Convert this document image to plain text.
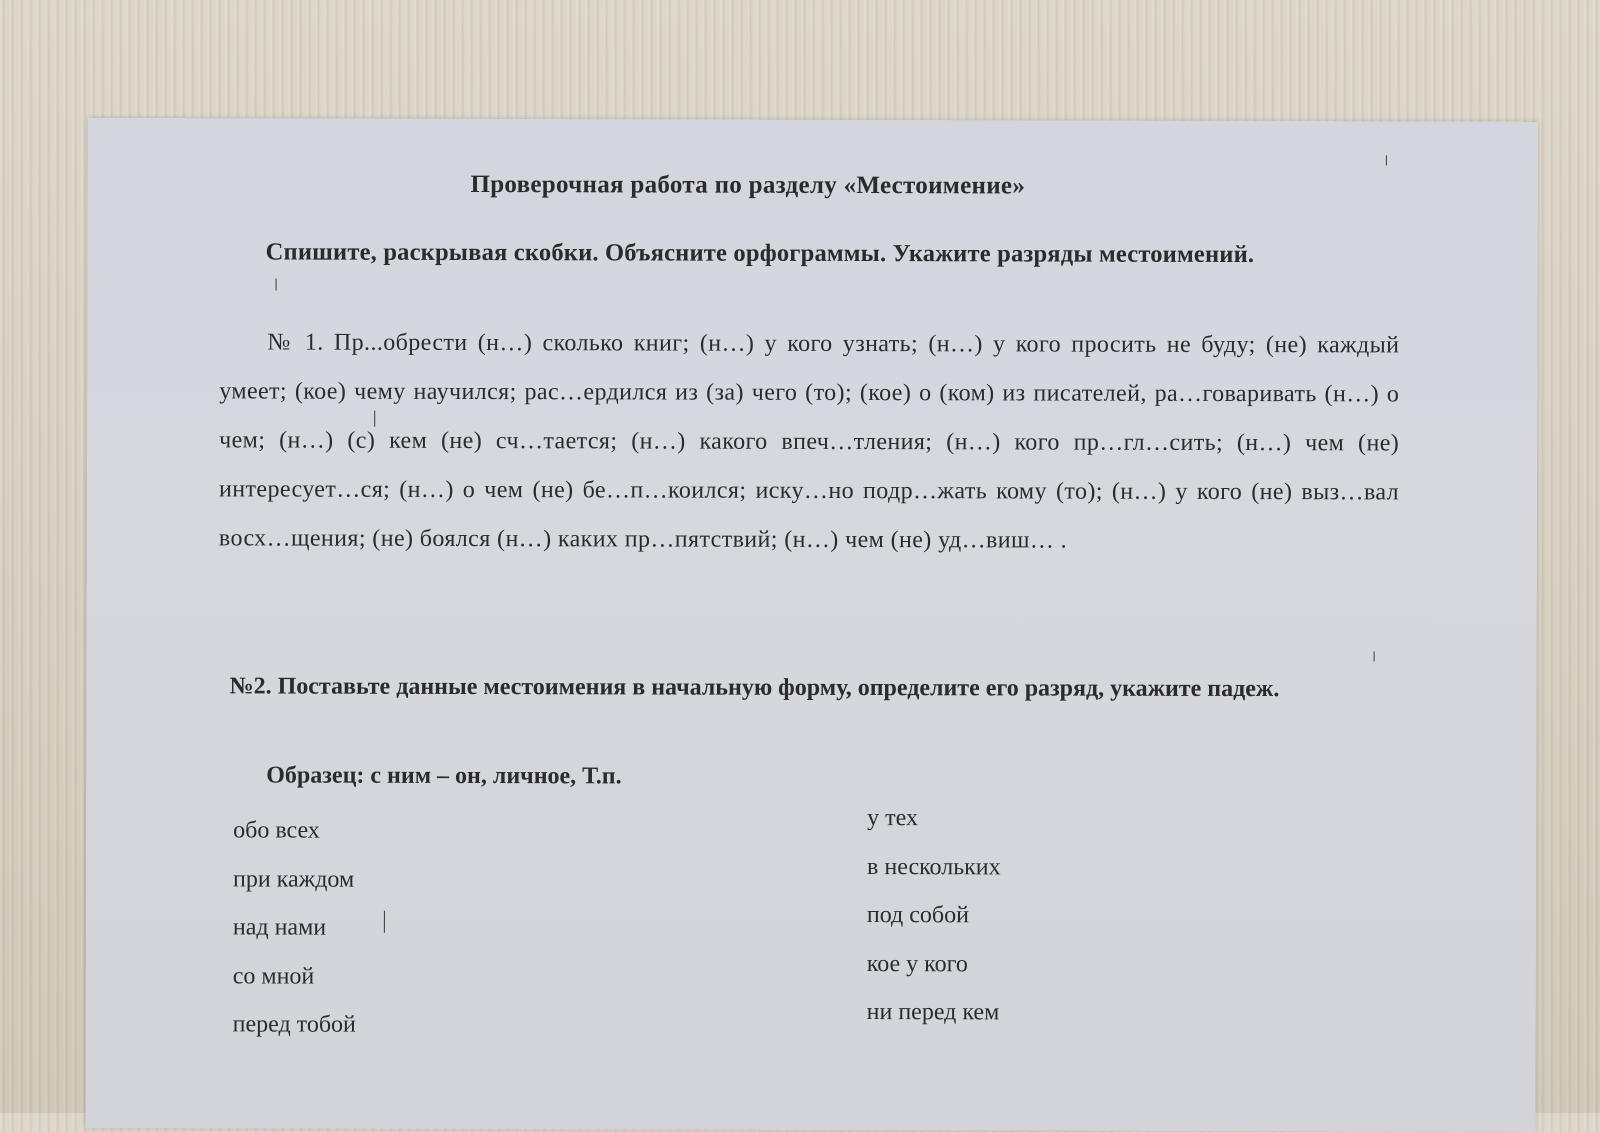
Проверочная работа по разделу «Местоимение»
Спишите, раскрывая скобки. Объясните орфограммы. Укажите разряды местоимений.
№ 1. Пр...обрести (н…) сколько книг; (н…) у кого узнать; (н…) у кого просить не буду; (не) каждый умеет; (кое) чему научился; рас…ердился из (за) чего (то); (кое) о (ком) из писателей, ра…говаривать (н…) о чем; (н…) (с) кем (не) сч…тается; (н…) какого впеч…тления; (н…) кого пр…гл…сить; (н…) чем (не) интересует…ся; (н…) о чем (не) бе…п…коился; иску…но подр…жать кому (то); (н…) у кого (не) выз…вал восх…щения; (не) боялся (н…) каких пр…пятствий; (н…) чем (не) уд…виш… .
№2. Поставьте данные местоимения в начальную форму, определите его разряд, укажите падеж.
Образец: с ним – он, личное, Т.п.
обо всех
при каждом
над нами
со мной
перед тобой
у тех
в нескольких
под собой
кое у кого
ни перед кем
